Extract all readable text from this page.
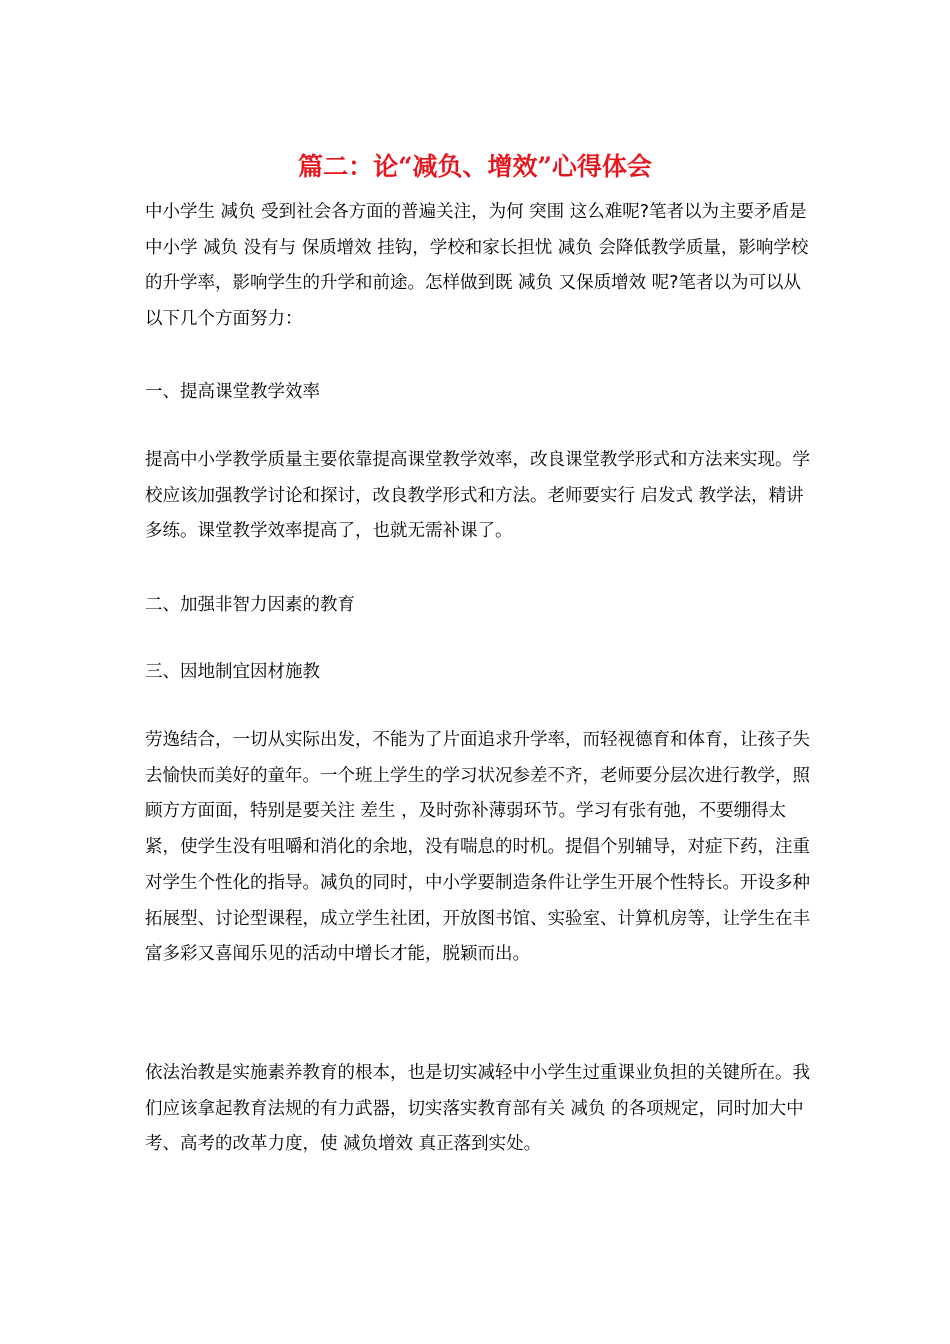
篇二：论“减负、增效”心得体会

中小学生 减负 受到社会各方面的普遍关注，为何 突围 这么难呢?笔者以为主要矛盾是中小学 减负 没有与 保质增效 挂钩，学校和家长担忧 减负 会降低教学质量，影响学校的升学率，影响学生的升学和前途。怎样做到既 减负 又保质增效 呢?笔者以为可以从以下几个方面努力：

一、提高课堂教学效率

提高中小学教学质量主要依靠提高课堂教学效率，改良课堂教学形式和方法来实现。学校应该加强教学讨论和探讨，改良教学形式和方法。老师要实行 启发式 教学法，精讲多练。课堂教学效率提高了，也就无需补课了。

二、加强非智力因素的教育

三、因地制宜因材施教

劳逸结合，一切从实际出发，不能为了片面追求升学率，而轻视德育和体育，让孩子失去愉快而美好的童年。一个班上学生的学习状况参差不齐，老师要分层次进行教学，照顾方方面面，特别是要关注 差生 ，及时弥补薄弱环节。学习有张有弛，不要绷得太紧，使学生没有咀嚼和消化的余地，没有喘息的时机。提倡个别辅导，对症下药，注重对学生个性化的指导。减负的同时，中小学要制造条件让学生开展个性特长。开设多种拓展型、讨论型课程，成立学生社团，开放图书馆、实验室、计算机房等，让学生在丰富多彩又喜闻乐见的活动中增长才能，脱颖而出。

依法治教是实施素养教育的根本，也是切实减轻中小学生过重课业负担的关键所在。我们应该拿起教育法规的有力武器，切实落实教育部有关 减负 的各项规定，同时加大中考、高考的改革力度，使 减负增效 真正落到实处。
